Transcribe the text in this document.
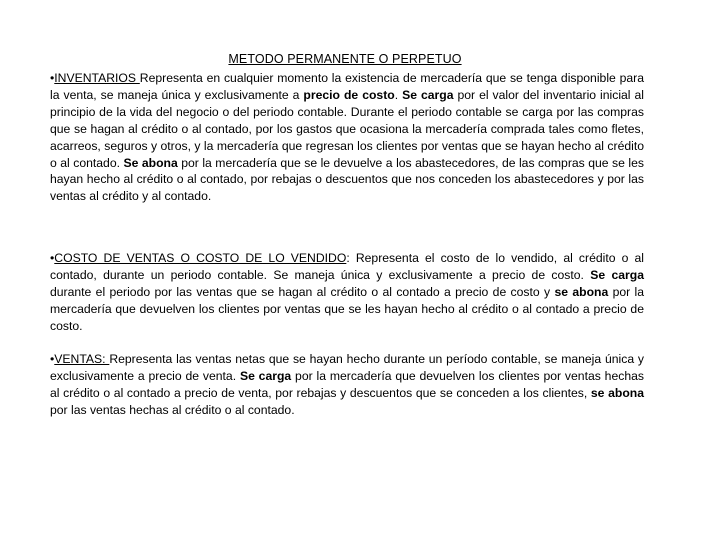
METODO PERMANENTE O PERPETUO
•INVENTARIOS Representa en cualquier momento la existencia de mercadería que se tenga disponible para la venta, se maneja única y exclusivamente a precio de costo. Se carga por el valor del inventario inicial al principio de la vida del negocio o del periodo contable. Durante el periodo contable se carga por las compras que se hagan al crédito o al contado, por los gastos que ocasiona la mercadería comprada tales como fletes, acarreos, seguros y otros, y la mercadería que regresan los clientes por ventas que se hayan hecho al crédito o al contado. Se abona por la mercadería que se le devuelve a los abastecedores, de las compras que se les hayan hecho al crédito o al contado, por rebajas o descuentos que nos conceden los abastecedores y por las ventas al crédito y al contado.
•COSTO DE VENTAS O COSTO DE LO VENDIDO: Representa el costo de lo vendido, al crédito o al contado, durante un periodo contable. Se maneja única y exclusivamente a precio de costo. Se carga durante el periodo por las ventas que se hagan al crédito o al contado a precio de costo y se abona por la mercadería que devuelven los clientes por ventas que se les hayan hecho al crédito o al contado a precio de costo.
•VENTAS: Representa las ventas netas que se hayan hecho durante un período contable, se maneja única y exclusivamente a precio de venta. Se carga por la mercadería que devuelven los clientes por ventas hechas al crédito o al contado a precio de venta, por rebajas y descuentos que se conceden a los clientes, se abona por las ventas hechas al crédito o al contado.
